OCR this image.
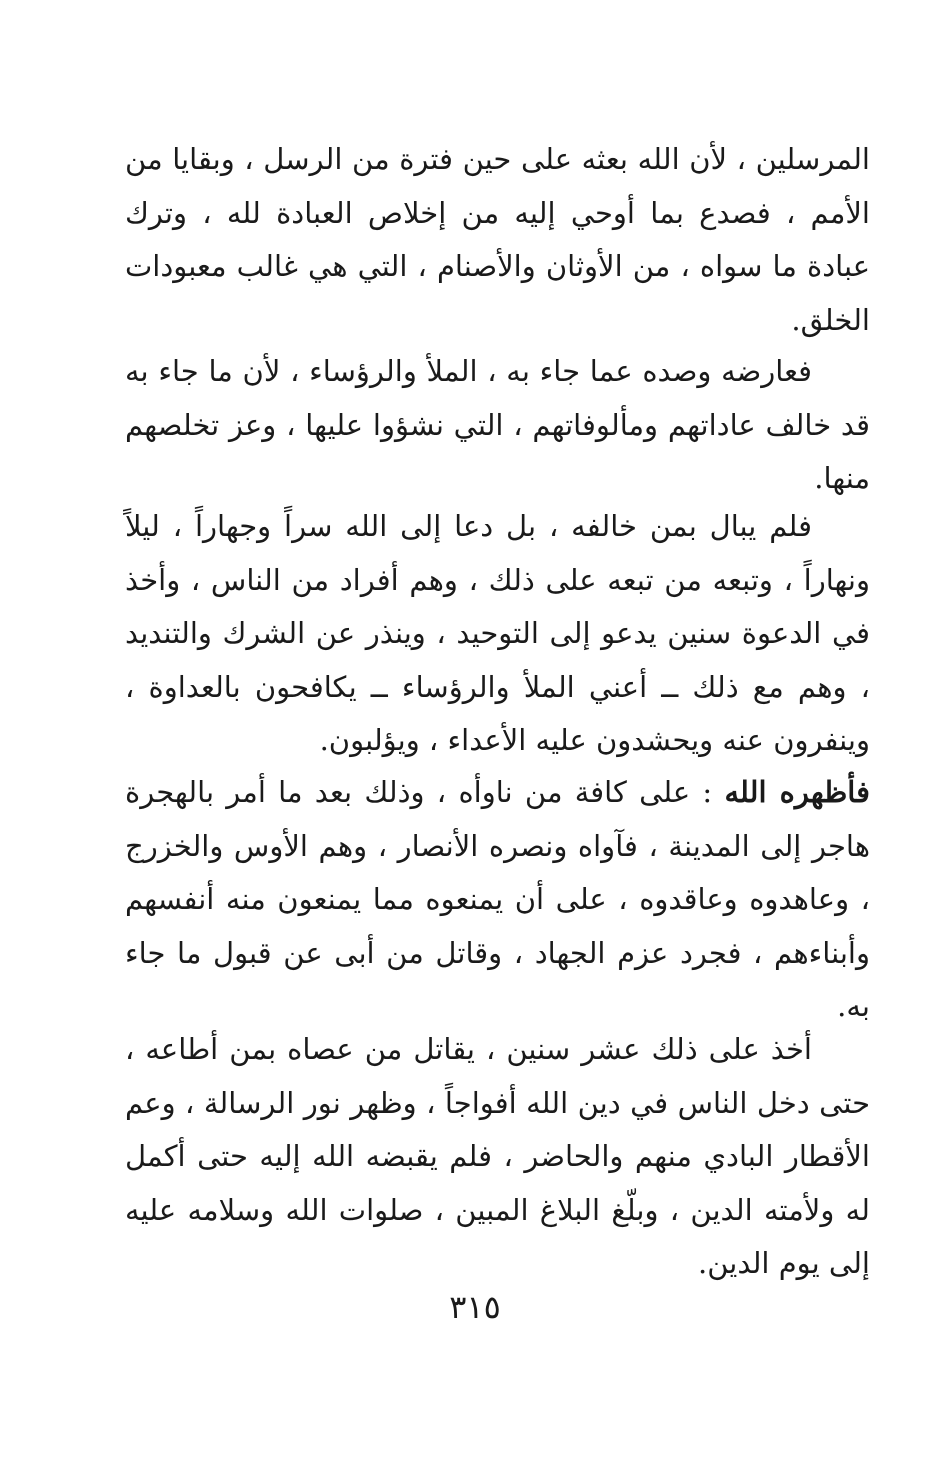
المرسلين ، لأن الله بعثه على حين فترة من الرسل ، وبقايا من الأمم ، فصدع بما أوحي إليه من إخلاص العبادة لله ، وترك عبادة ما سواه ، من الأوثان والأصنام ، التي هي غالب معبودات الخلق.

فعارضه وصده عما جاء به ، الملأ والرؤساء ، لأن ما جاء به قد خالف عاداتهم ومألوفاتهم ، التي نشؤوا عليها ، وعز تخلصهم منها.

فلم يبال بمن خالفه ، بل دعا إلى الله سراً وجهاراً ، ليلاً ونهاراً ، وتبعه من تبعه على ذلك ، وهم أفراد من الناس ، وأخذ في الدعوة سنين يدعو إلى التوحيد ، وينذر عن الشرك والتنديد ، وهم مع ذلك ــ أعني الملأ والرؤساء ــ يكافحون بالعداوة ، وينفرون عنه ويحشدون عليه الأعداء ، ويؤلبون.

فأظهره الله : على كافة من ناوأه ، وذلك بعد ما أمر بالهجرة هاجر إلى المدينة ، فآواه ونصره الأنصار ، وهم الأوس والخزرج ، وعاهدوه وعاقدوه ، على أن يمنعوه مما يمنعون منه أنفسهم وأبناءهم ، فجرد عزم الجهاد ، وقاتل من أبى عن قبول ما جاء به.

أخذ على ذلك عشر سنين ، يقاتل من عصاه بمن أطاعه ، حتى دخل الناس في دين الله أفواجاً ، وظهر نور الرسالة ، وعم الأقطار البادي منهم والحاضر ، فلم يقبضه الله إليه حتى أكمل له ولأمته الدين ، وبلّغ البلاغ المبين ، صلوات الله وسلامه عليه إلى يوم الدين.

٣١٥
